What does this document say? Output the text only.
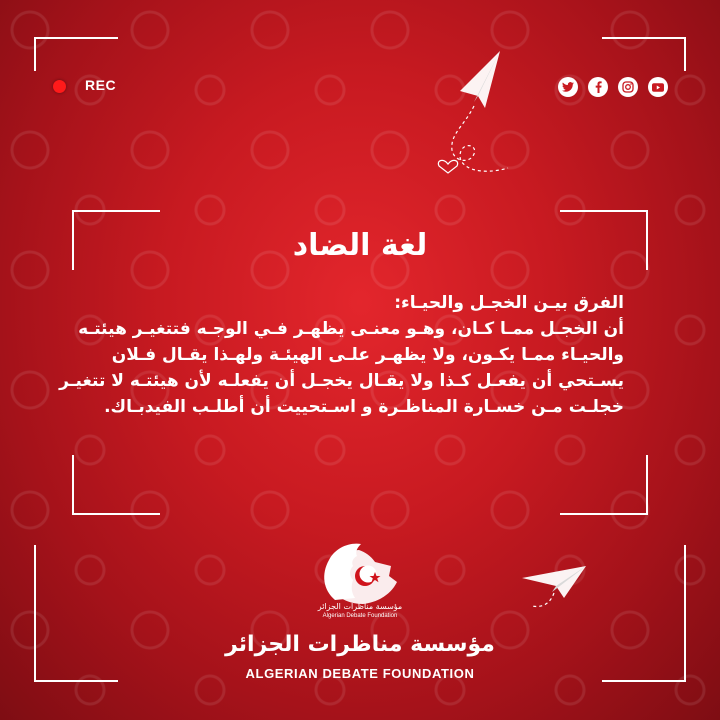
REC
لغة الضاد
الفرق بيـن الخجـل والحيـاء:
أن الخجـل ممـا كـان، وهـو معنـى يظهـر فـي الوجـه فتتغيـر هيئتـه
والحيـاء ممـا يكـون، ولا يظهـر علـى الهيئـة ولهـذا يقـال فـلان
يسـتحي أن يفعـل كـذا ولا يقـال يخجـل أن يفعلـه لأن هيئتـه لا تتغيـر
خجلـت مـن خسـارة المناظـرة و اسـتحييت أن أطلـب الفيدبـاك.
مؤسسة مناظرات الجزائر
Algerian Debate Foundation
مؤسسة مناظرات الجزائر
ALGERIAN DEBATE FOUNDATION
